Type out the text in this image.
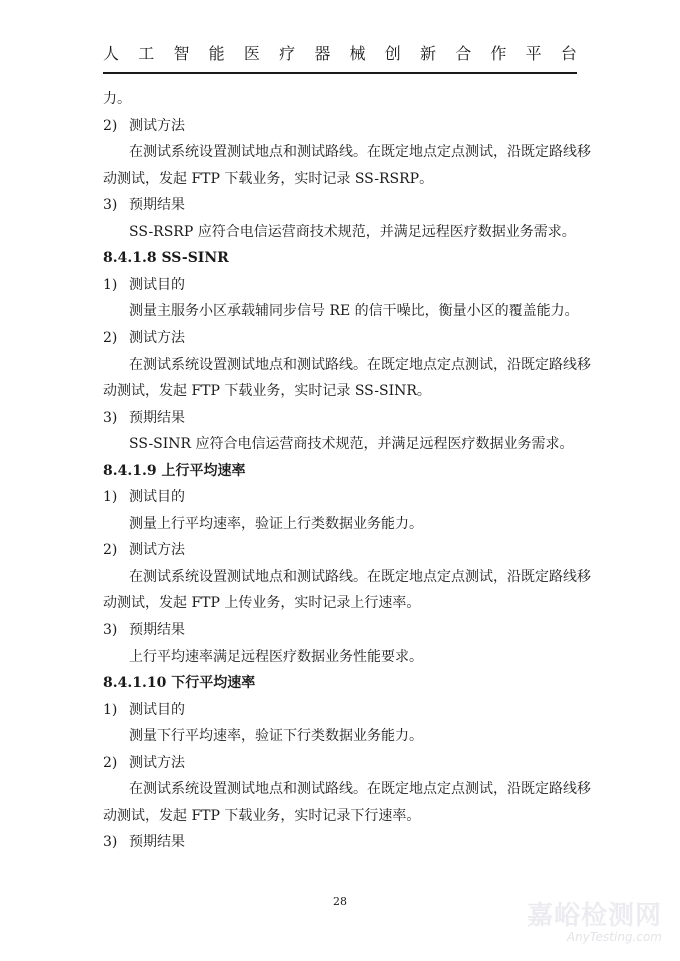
人 工 智 能 医 疗 器 械 创 新 合 作 平 台
力。
2) 测试方法
在测试系统设置测试地点和测试路线。在既定地点定点测试，沿既定路线移
动测试，发起 FTP 下载业务，实时记录 SS-RSRP。
3) 预期结果
SS-RSRP 应符合电信运营商技术规范，并满足远程医疗数据业务需求。
8.4.1.8 SS-SINR
1) 测试目的
测量主服务小区承载辅同步信号 RE 的信干噪比，衡量小区的覆盖能力。
2) 测试方法
在测试系统设置测试地点和测试路线。在既定地点定点测试，沿既定路线移
动测试，发起 FTP 下载业务，实时记录 SS-SINR。
3) 预期结果
SS-SINR 应符合电信运营商技术规范，并满足远程医疗数据业务需求。
8.4.1.9 上行平均速率
1) 测试目的
测量上行平均速率，验证上行类数据业务能力。
2) 测试方法
在测试系统设置测试地点和测试路线。在既定地点定点测试，沿既定路线移
动测试，发起 FTP 上传业务，实时记录上行速率。
3) 预期结果
上行平均速率满足远程医疗数据业务性能要求。
8.4.1.10 下行平均速率
1) 测试目的
测量下行平均速率，验证下行类数据业务能力。
2) 测试方法
在测试系统设置测试地点和测试路线。在既定地点定点测试，沿既定路线移
动测试，发起 FTP 下载业务，实时记录下行速率。
3) 预期结果
28	嘉峪检测网
AnyTesting.com
